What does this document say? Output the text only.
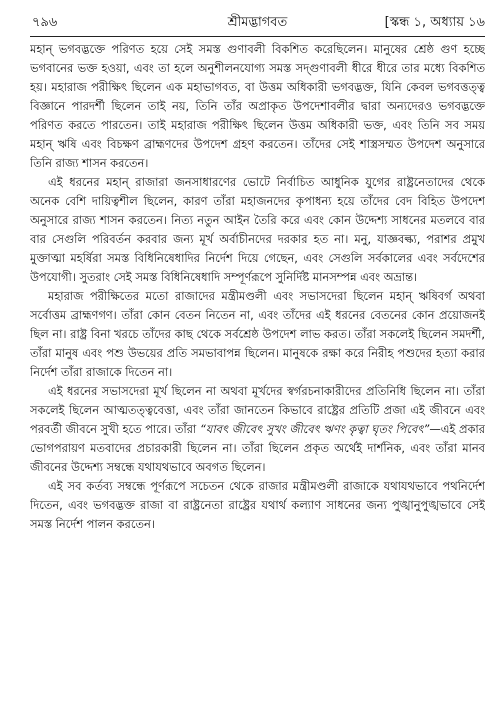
৭৯৬	শ্রীমদ্ভাগবত	[স্কন্ধ ১, অধ্যায় ১৬

মহান্ ভগবদ্ভক্তে পরিণত হয়ে সেই সমস্ত গুণাবলী বিকশিত করেছিলেন। মানুষের শ্রেষ্ঠ গুণ হচ্ছে ভগবানের ভক্ত হওয়া, এবং তা হলে অনুশীলনযোগ্য সমস্ত সদ্‌গুণাবলী ধীরে ধীরে তার মধ্যে বিকশিত হয়। মহারাজ পরীক্ষিৎ ছিলেন এক মহাভাগবত, বা উত্তম অধিকারী ভগবদ্ভক্ত, যিনি কেবল ভগবত্তত্ত্ব বিজ্ঞানে পারদর্শী ছিলেন তাই নয়, তিনি তাঁর অপ্রাকৃত উপদেশাবলীর দ্বারা অন্যদেরও ভগবদ্ভক্তে পরিণত করতে পারতেন। তাই মহারাজ পরীক্ষিৎ ছিলেন উত্তম অধিকারী ভক্ত, এবং তিনি সব সময় মহান্ ঋষি এবং বিচক্ষণ ব্রাহ্মণদের উপদেশ গ্রহণ করতেন। তাঁদের সেই শাস্ত্রসম্মত উপদেশ অনুসারে তিনি রাজ্য শাসন করতেন।

এই ধরনের মহান্ রাজারা জনসাধারণের ভোটে নির্বাচিত আধুনিক যুগের রাষ্ট্রনেতাদের থেকে অনেক বেশি দায়িত্বশীল ছিলেন, কারণ তাঁরা মহাজনদের কৃপাধন্য হয়ে তাঁদের বেদ বিহিত উপদেশ অনুসারে রাজ্য শাসন করতেন। নিত্য নতুন আইন তৈরি করে এবং কোন উদ্দেশ্য সাধনের মতলবে বার বার সেগুলি পরিবর্তন করবার জন্য মূর্খ অর্বাচীনদের দরকার হত না। মনু, যাজ্ঞবল্ক্য, পরাশর প্রমুখ মুক্তাত্মা মহর্ষিরা সমস্ত বিধিনিষেধাদির নির্দেশ দিয়ে গেছেন, এবং সেগুলি সর্বকালের এবং সর্বদেশের উপযোগী। সুতরাং সেই সমস্ত বিধিনিষেধাদি সম্পূর্ণরূপে সুনির্দিষ্ট মানসম্পন্ন এবং অভ্রান্ত।

মহারাজ পরীক্ষিতের মতো রাজাদের মন্ত্রীমণ্ডলী এবং সভাসদেরা ছিলেন মহান্ ঋষিবর্গ অথবা সর্বোত্তম ব্রাহ্মণগণ। তাঁরা কোন বেতন নিতেন না, এবং তাঁদের এই ধরনের বেতনের কোন প্রয়োজনই ছিল না। রাষ্ট্র বিনা খরচে তাঁদের কাছ থেকে সর্বশ্রেষ্ঠ উপদেশ লাভ করত। তাঁরা সকলেই ছিলেন সমদর্শী, তাঁরা মানুষ এবং পশু উভয়ের প্রতি সমভাবাপন্ন ছিলেন। মানুষকে রক্ষা করে নিরীহ পশুদের হত্যা করার নির্দেশ তাঁরা রাজাকে দিতেন না।

এই ধরনের সভাসদেরা মূর্খ ছিলেন না অথবা মূর্খদের স্বর্গরচনাকারীদের প্রতিনিধি ছিলেন না। তাঁরা সকলেই ছিলেন আত্মতত্ত্ববেত্তা, এবং তাঁরা জানতেন কিভাবে রাষ্ট্রের প্রতিটি প্রজা এই জীবনে এবং পরবর্তী জীবনে সুখী হতে পারে। তাঁরা “যাবৎ জীবেৎ সুখং জীবেৎ ঋণং কৃত্বা ঘৃতং পিবেৎ”—এই প্রকার ভোগপরায়ণ মতবাদের প্রচারকারী ছিলেন না। তাঁরা ছিলেন প্রকৃত অর্থেই দার্শনিক, এবং তাঁরা মানব জীবনের উদ্দেশ্য সম্বন্ধে যথাযথভাবে অবগত ছিলেন।

এই সব কর্তব্য সম্বন্ধে পূর্ণরূপে সচেতন থেকে রাজার মন্ত্রীমণ্ডলী রাজাকে যথাযথভাবে পথনির্দেশ দিতেন, এবং ভগবদ্ভক্ত রাজা বা রাষ্ট্রনেতা রাষ্ট্রের যথার্থ কল্যাণ সাধনের জন্য পুঙ্খানুপুঙ্খভাবে সেই সমস্ত নির্দেশ পালন করতেন।
